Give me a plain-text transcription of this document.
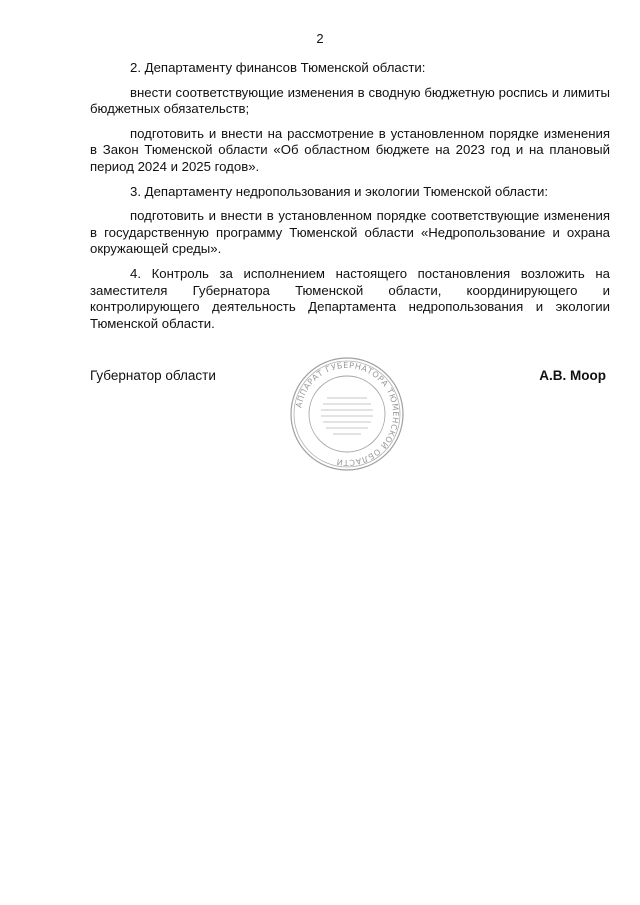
2

2. Департаменту финансов Тюменской области:

внести соответствующие изменения в сводную бюджетную роспись и лимиты бюджетных обязательств;

подготовить и внести на рассмотрение в установленном порядке изменения в Закон Тюменской области «Об областном бюджете на 2023 год и на плановый период 2024 и 2025 годов».

3. Департаменту недропользования и экологии Тюменской области:

подготовить и внести в установленном порядке соответствующие изменения в государственную программу Тюменской области «Недропользование и охрана окружающей среды».

4. Контроль за исполнением настоящего постановления возложить на заместителя Губернатора Тюменской области, координирующего и контролирующего деятельность Департамента недропользования и экологии Тюменской области.

Губернатор области
АППАРАТ ГУБЕРНАТОРА ТЮМЕНСКОЙ ОБЛАСТИ
А.В. Моор
